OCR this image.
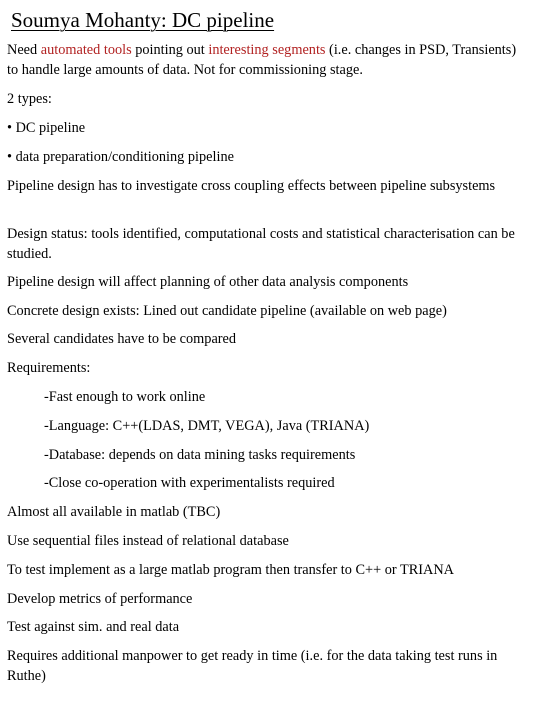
Soumya Mohanty: DC pipeline

Need automated tools pointing out interesting segments (i.e. changes in PSD, Transients) to handle large amounts of data. Not for commissioning stage.

2 types:

• DC pipeline

• data preparation/conditioning pipeline

Pipeline design has to investigate cross coupling effects between pipeline subsystems

Design status: tools identified, computational costs and statistical characterisation can be studied.

Pipeline design will affect planning of other data analysis components

Concrete design exists: Lined out candidate pipeline (available on web page)

Several candidates have to be compared

Requirements:

-Fast enough to work online

-Language: C++(LDAS, DMT, VEGA), Java (TRIANA)

-Database: depends on data mining tasks requirements

-Close co-operation with experimentalists required

Almost all available in matlab (TBC)

Use sequential files instead of relational database

To test implement as a large matlab program then transfer to C++ or TRIANA

Develop metrics of performance

Test against sim. and real data

Requires additional manpower to get ready in time (i.e. for the data taking test runs in Ruthe)
